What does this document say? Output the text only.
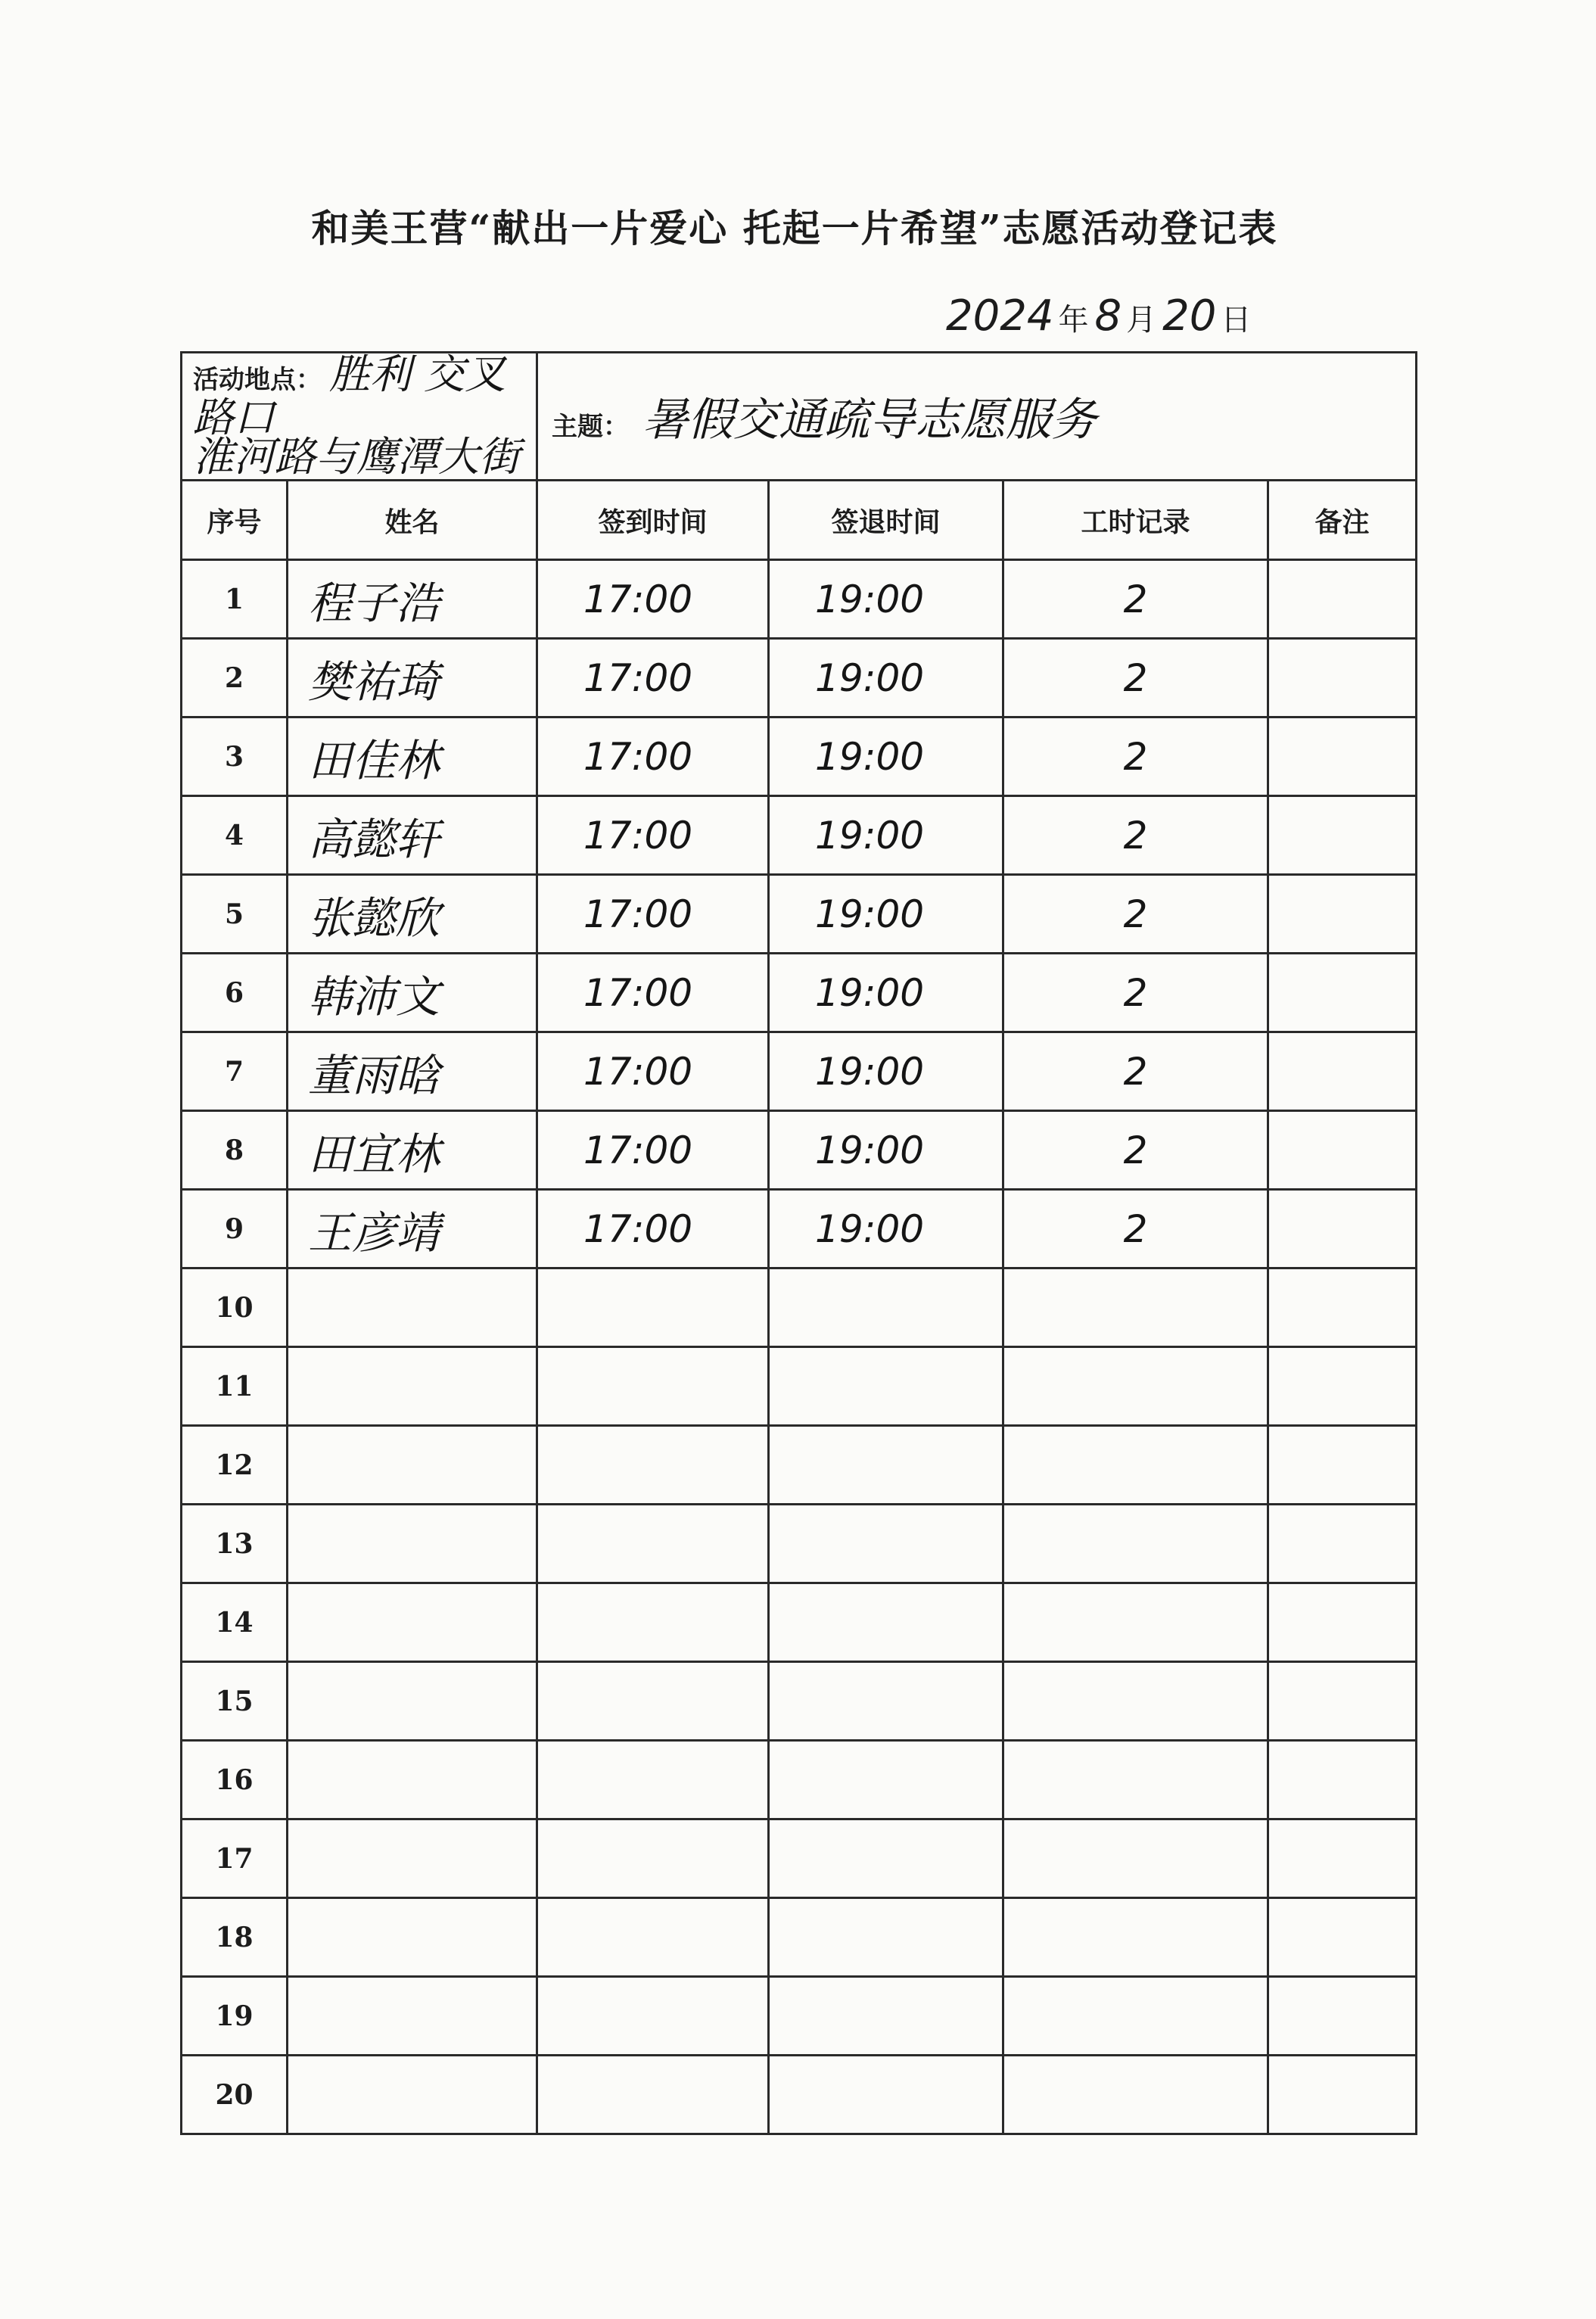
和美王营“献出一片爱心 托起一片希望”志愿活动登记表
2024 年 8 月 20 日
活动地点： 胜利 交叉路口
淮河路与鹰潭大街		主题： 暑假交通疏导志愿服务			
序号	姓名	签到时间	签退时间	工时记录	备注
1	程子浩	17:00	19:00	2	
2	樊祐琦	17:00	19:00	2	
3	田佳林	17:00	19:00	2	
4	高懿轩	17:00	19:00	2	
5	张懿欣	17:00	19:00	2	
6	韩沛文	17:00	19:00	2	
7	董雨晗	17:00	19:00	2	
8	田宜林	17:00	19:00	2	
9	王彦靖	17:00	19:00	2	
10					
11					
12					
13					
14					
15					
16					
17					
18					
19					
20					
